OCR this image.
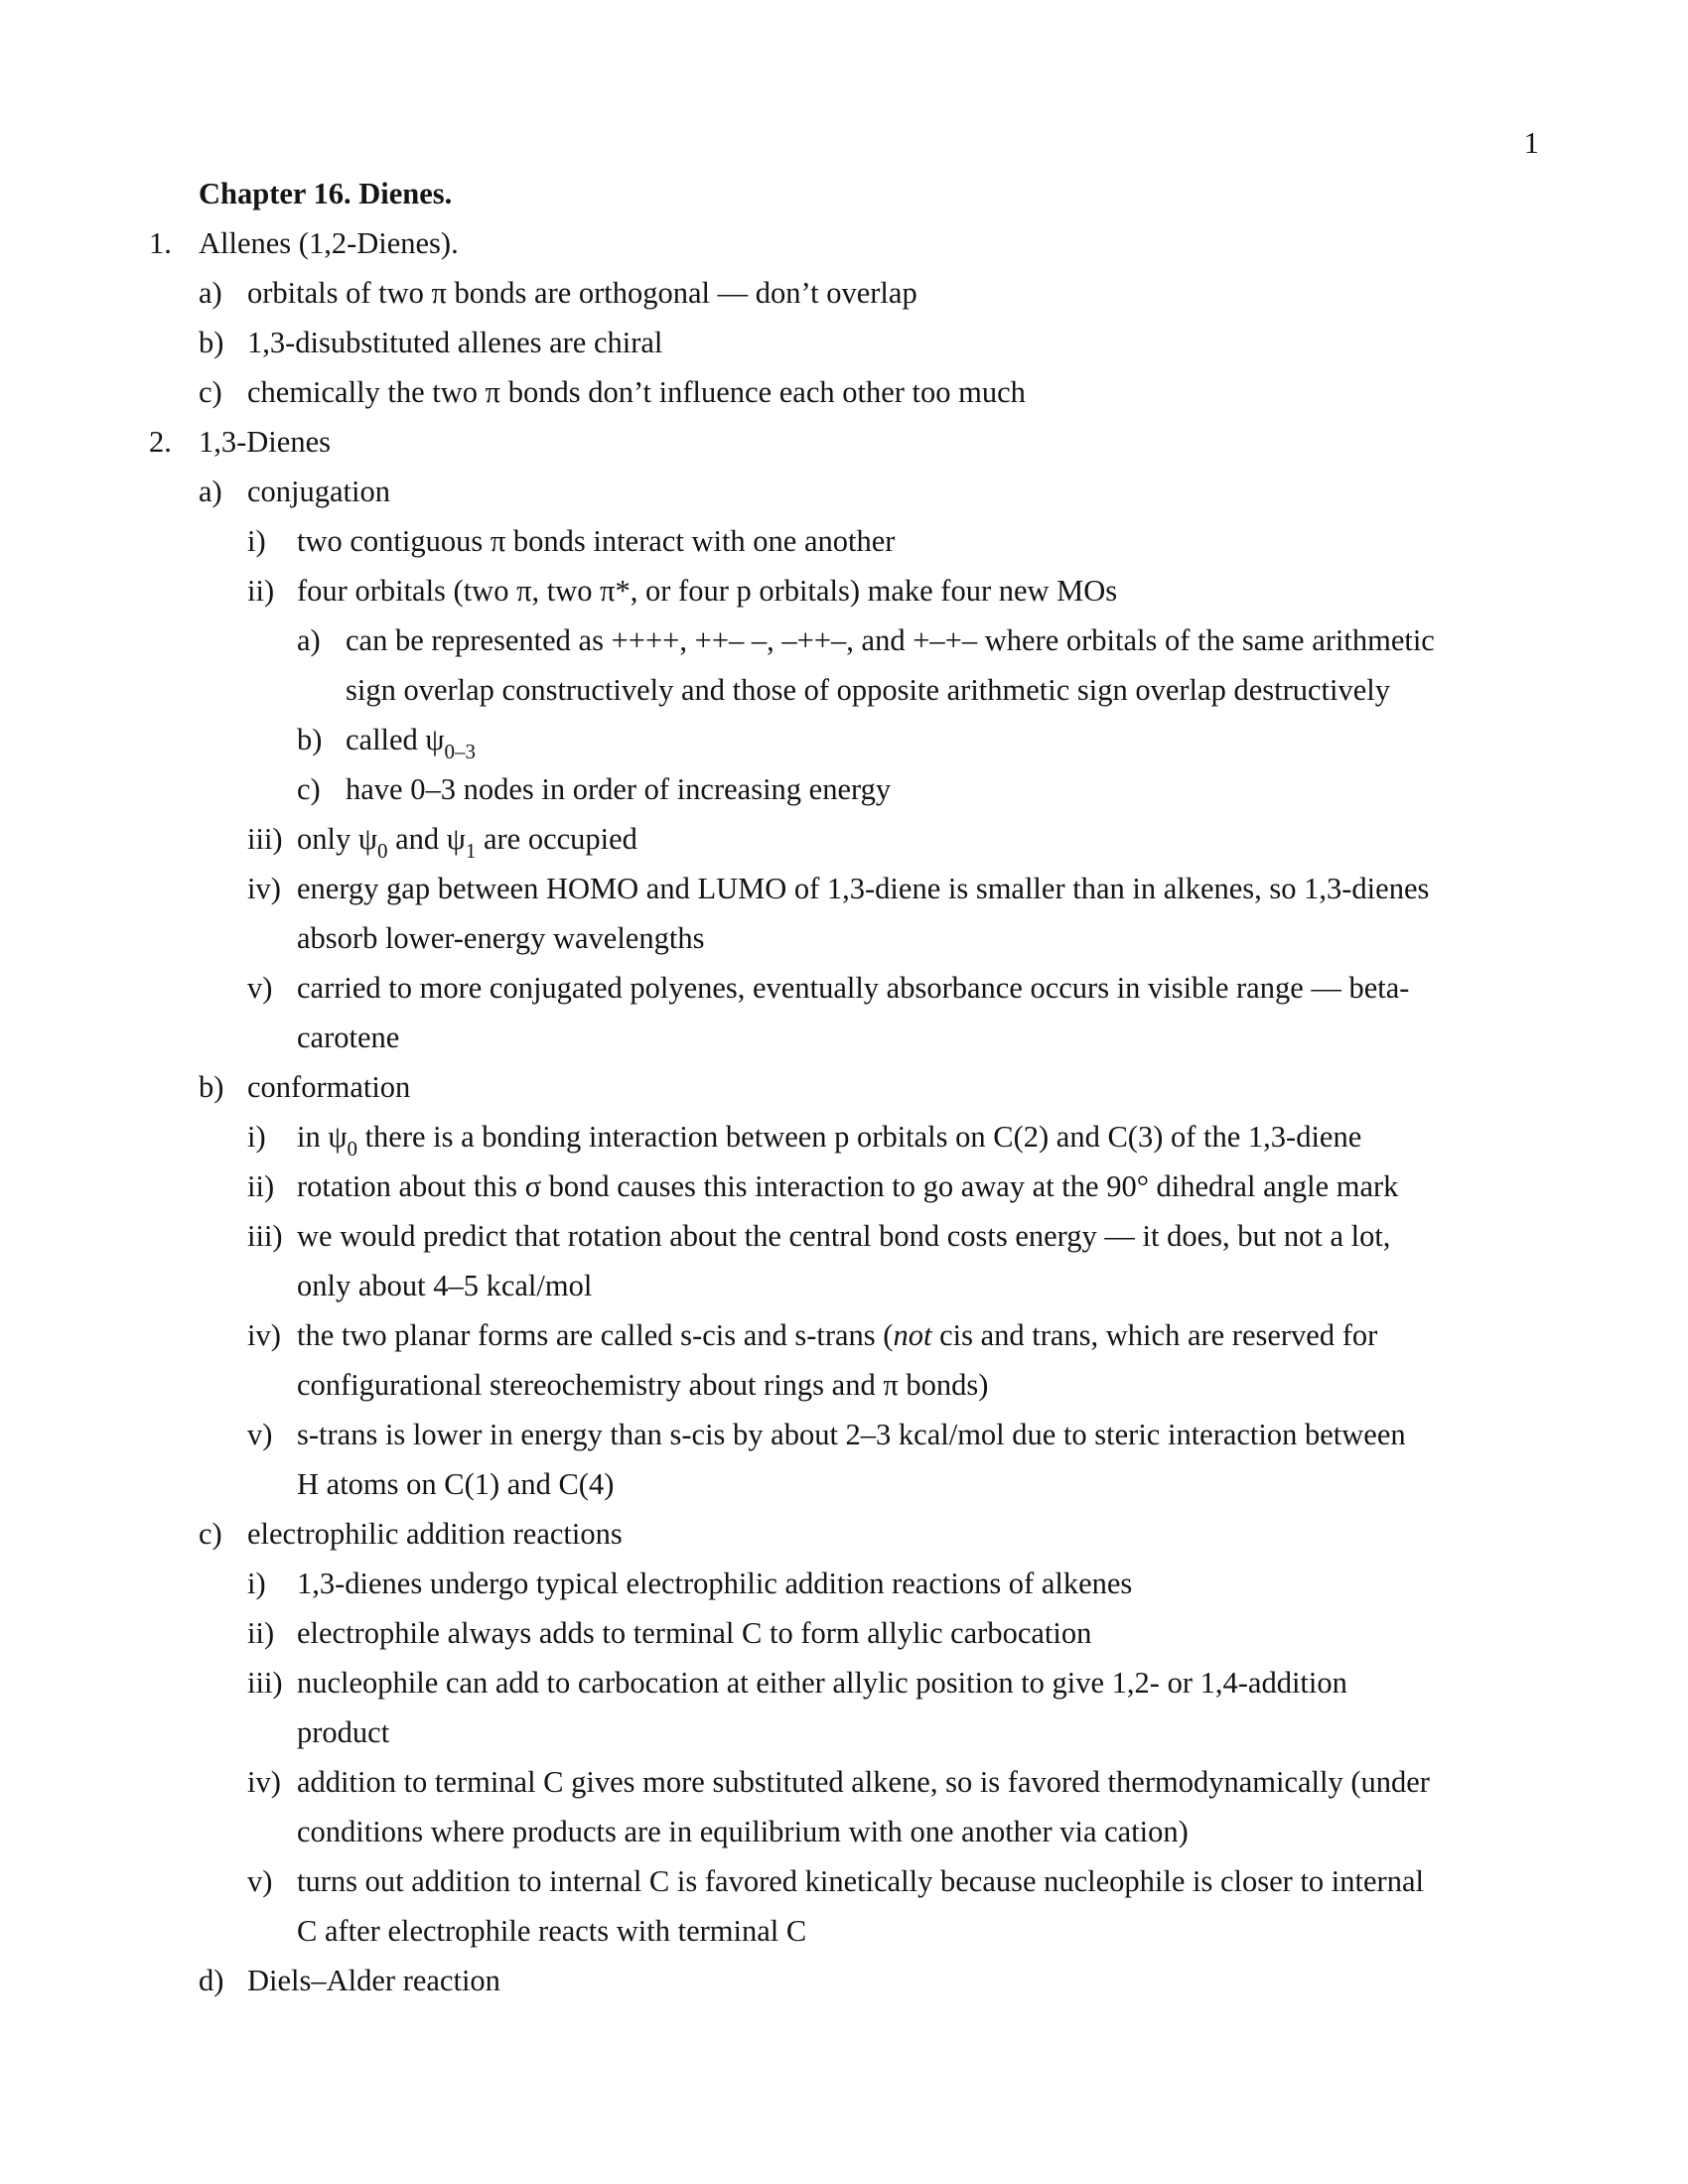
1
Chapter 16. Dienes.
1. Allenes (1,2-Dienes).
a) orbitals of two π bonds are orthogonal — don’t overlap
b) 1,3-disubstituted allenes are chiral
c) chemically the two π bonds don’t influence each other too much
2. 1,3-Dienes
a) conjugation
i) two contiguous π bonds interact with one another
ii) four orbitals (two π, two π*, or four p orbitals) make four new MOs
a) can be represented as ++++, ++– –, –++–, and +–+– where orbitals of the same arithmetic
sign overlap constructively and those of opposite arithmetic sign overlap destructively
b) called $\psi_{0-3}$
c) have 0–3 nodes in order of increasing energy
iii) only $\psi_0$ and $\psi_1$ are occupied
iv) energy gap between HOMO and LUMO of 1,3-diene is smaller than in alkenes, so 1,3-dienes
absorb lower-energy wavelengths
v) carried to more conjugated polyenes, eventually absorbance occurs in visible range — beta-
carotene
b) conformation
i) in $\psi_0$ there is a bonding interaction between p orbitals on C(2) and C(3) of the 1,3-diene
ii) rotation about this σ bond causes this interaction to go away at the 90° dihedral angle mark
iii) we would predict that rotation about the central bond costs energy — it does, but not a lot,
only about 4–5 kcal/mol
iv) the two planar forms are called s-cis and s-trans (not cis and trans, which are reserved for
configurational stereochemistry about rings and π bonds)
v) s-trans is lower in energy than s-cis by about 2–3 kcal/mol due to steric interaction between
H atoms on C(1) and C(4)
c) electrophilic addition reactions
i) 1,3-dienes undergo typical electrophilic addition reactions of alkenes
ii) electrophile always adds to terminal C to form allylic carbocation
iii) nucleophile can add to carbocation at either allylic position to give 1,2- or 1,4-addition
product
iv) addition to terminal C gives more substituted alkene, so is favored thermodynamically (under
conditions where products are in equilibrium with one another via cation)
v) turns out addition to internal C is favored kinetically because nucleophile is closer to internal
C after electrophile reacts with terminal C
d) Diels–Alder reaction
